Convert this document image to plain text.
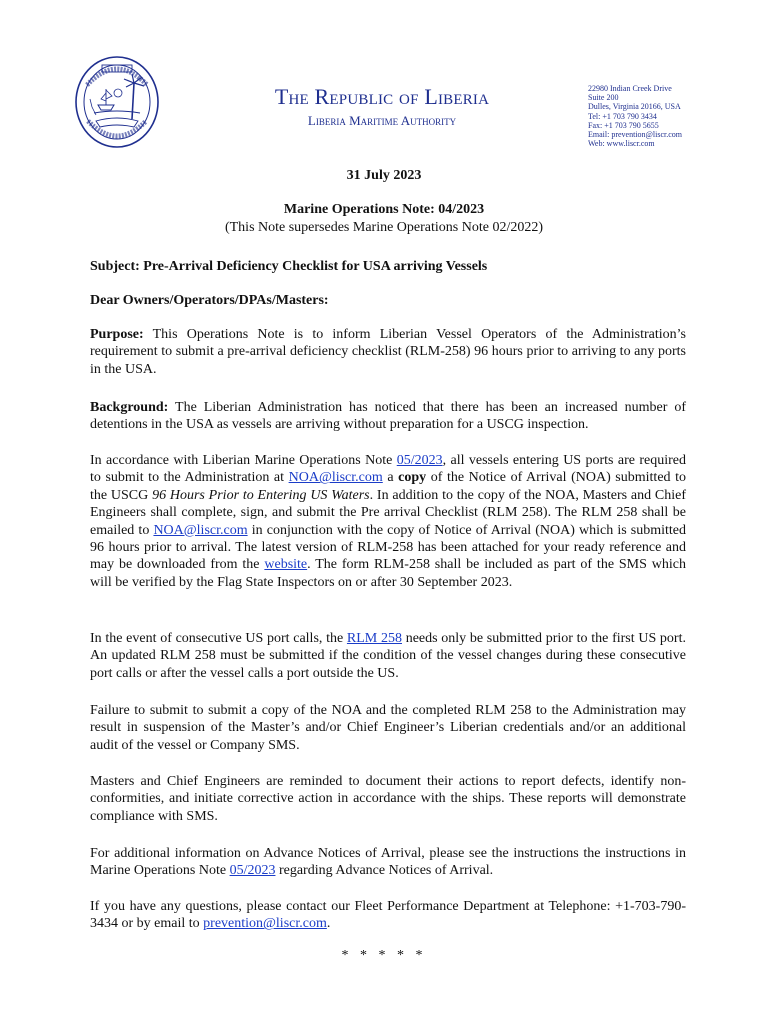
The Republic of Liberia
Liberia Maritime Authority
22980 Indian Creek Drive
Suite 200
Dulles, Virginia 20166, USA
Tel: +1 703 790 3434
Fax: +1 703 790 5655
Email: prevention@liscr.com
Web: www.liscr.com
31 July 2023
Marine Operations Note: 04/2023
(This Note supersedes Marine Operations Note 02/2022)
Subject: Pre-Arrival Deficiency Checklist for USA arriving Vessels
Dear Owners/Operators/DPAs/Masters:
Purpose: This Operations Note is to inform Liberian Vessel Operators of the Administration’s requirement to submit a pre-arrival deficiency checklist (RLM-258) 96 hours prior to arriving to any ports in the USA.
Background: The Liberian Administration has noticed that there has been an increased number of detentions in the USA as vessels are arriving without preparation for a USCG inspection.
In accordance with Liberian Marine Operations Note 05/2023, all vessels entering US ports are required to submit to the Administration at NOA@liscr.com a copy of the Notice of Arrival (NOA) submitted to the USCG 96 Hours Prior to Entering US Waters. In addition to the copy of the NOA, Masters and Chief Engineers shall complete, sign, and submit the Pre arrival Checklist (RLM 258). The RLM 258 shall be emailed to NOA@liscr.com in conjunction with the copy of Notice of Arrival (NOA) which is submitted 96 hours prior to arrival. The latest version of RLM-258 has been attached for your ready reference and may be downloaded from the website. The form RLM-258 shall be included as part of the SMS which will be verified by the Flag State Inspectors on or after 30 September 2023.
In the event of consecutive US port calls, the RLM 258 needs only be submitted prior to the first US port. An updated RLM 258 must be submitted if the condition of the vessel changes during these consecutive port calls or after the vessel calls a port outside the US.
Failure to submit to submit a copy of the NOA and the completed RLM 258 to the Administration may result in suspension of the Master’s and/or Chief Engineer’s Liberian credentials and/or an additional audit of the vessel or Company SMS.
Masters and Chief Engineers are reminded to document their actions to report defects, identify non-conformities, and initiate corrective action in accordance with the ships. These reports will demonstrate compliance with SMS.
For additional information on Advance Notices of Arrival, please see the instructions the instructions in Marine Operations Note 05/2023 regarding Advance Notices of Arrival.
If you have any questions, please contact our Fleet Performance Department at Telephone: +1-703-790-3434 or by email to prevention@liscr.com.
* * * * *
